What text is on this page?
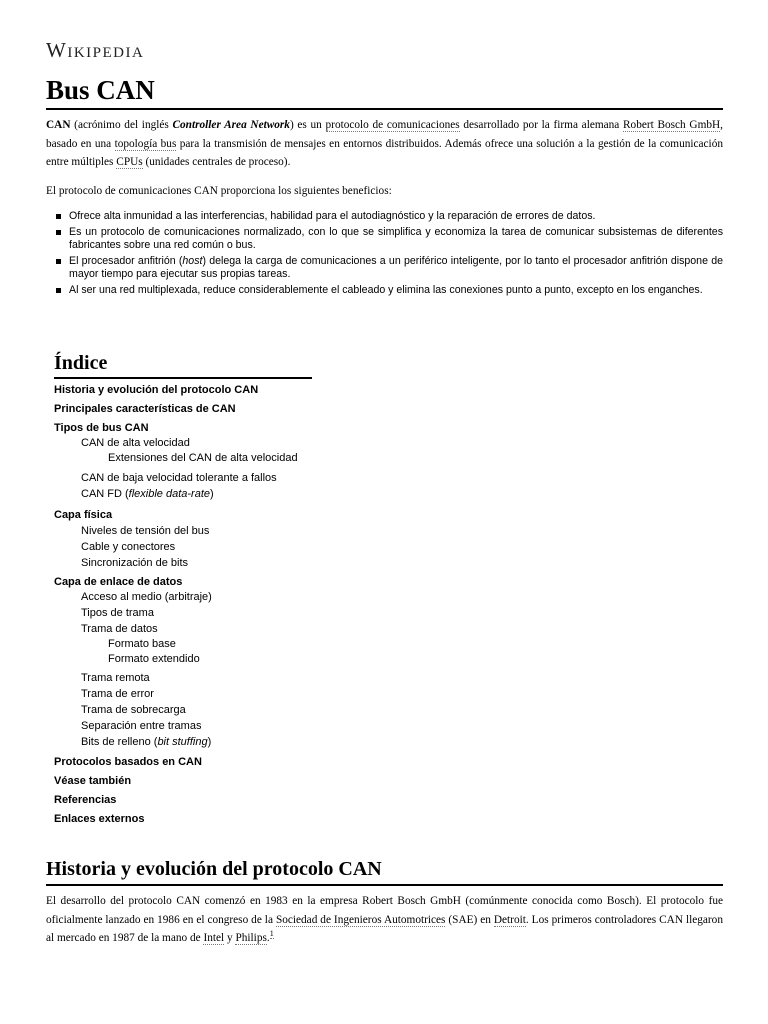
Wikipedia
Bus CAN

CAN (acrónimo del inglés Controller Area Network) es un protocolo de comunicaciones desarrollado por la firma alemana Robert Bosch GmbH, basado en una topología bus para la transmisión de mensajes en entornos distribuidos. Además ofrece una solución a la gestión de la comunicación entre múltiples CPUs (unidades centrales de proceso).

El protocolo de comunicaciones CAN proporciona los siguientes beneficios:

Ofrece alta inmunidad a las interferencias, habilidad para el autodiagnóstico y la reparación de errores de datos.
Es un protocolo de comunicaciones normalizado, con lo que se simplifica y economiza la tarea de comunicar subsistemas de diferentes fabricantes sobre una red común o bus.
El procesador anfitrión (host) delega la carga de comunicaciones a un periférico inteligente, por lo tanto el procesador anfitrión dispone de mayor tiempo para ejecutar sus propias tareas.
Al ser una red multiplexada, reduce considerablemente el cableado y elimina las conexiones punto a punto, excepto en los enganches.
Índice
Historia y evolución del protocolo CAN
Principales características de CAN
Tipos de bus CAN
CAN de alta velocidad
Extensiones del CAN de alta velocidad
CAN de baja velocidad tolerante a fallos
CAN FD (flexible data-rate)
Capa física
Niveles de tensión del bus
Cable y conectores
Sincronización de bits
Capa de enlace de datos
Acceso al medio (arbitraje)
Tipos de trama
Trama de datos
Formato base
Formato extendido
Trama remota
Trama de error
Trama de sobrecarga
Separación entre tramas
Bits de relleno (bit stuffing)
Protocolos basados en CAN
Véase también
Referencias
Enlaces externos
Historia y evolución del protocolo CAN

El desarrollo del protocolo CAN comenzó en 1983 en la empresa Robert Bosch GmbH (comúnmente conocida como Bosch). El protocolo fue oficialmente lanzado en 1986 en el congreso de la Sociedad de Ingenieros Automotrices (SAE) en Detroit. Los primeros controladores CAN llegaron al mercado en 1987 de la mano de Intel y Philips.$^1$
